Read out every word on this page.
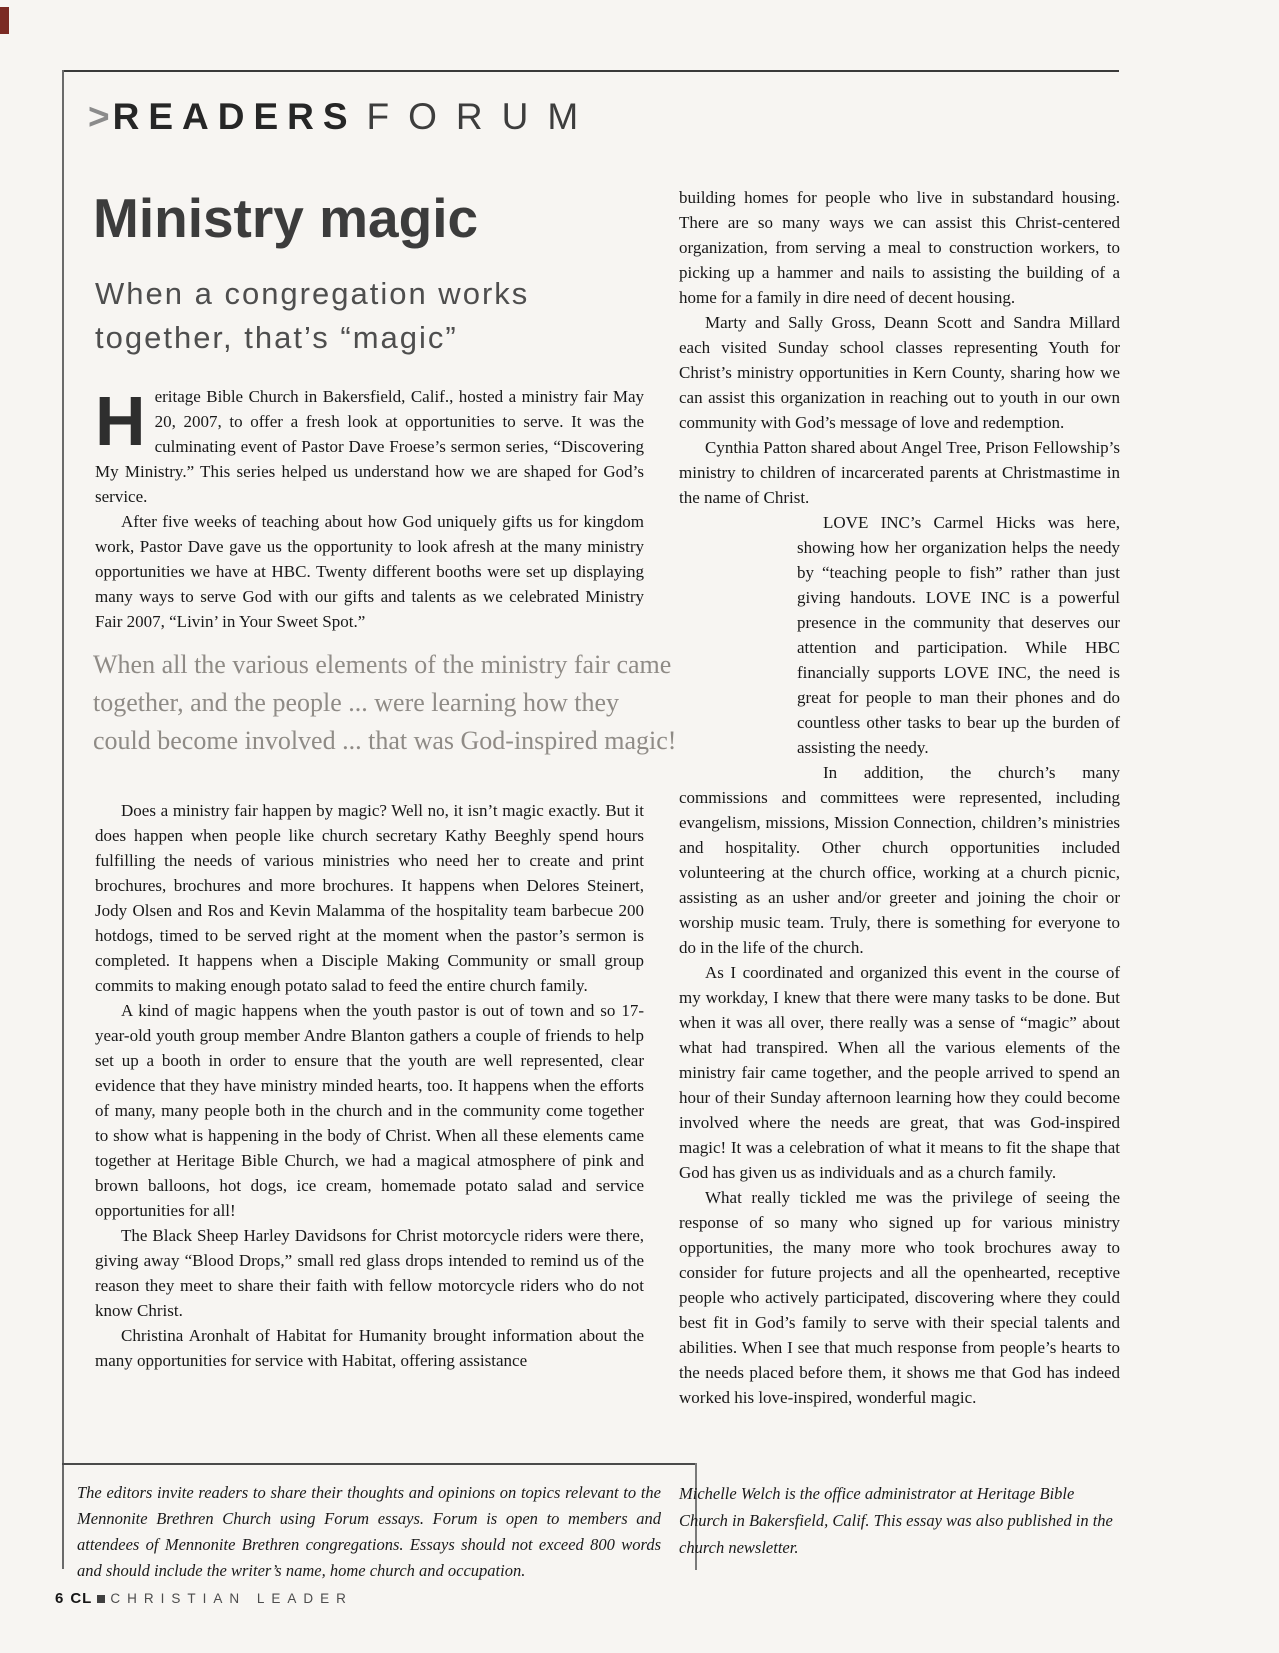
>READERS FORUM
Ministry magic
When a congregation works
together, that’s “magic”

Heritage Bible Church in Bakersfield, Calif., hosted a ministry fair May 20, 2007, to offer a fresh look at opportunities to serve. It was the culminating event of Pastor Dave Froese’s sermon series, “Discovering My Ministry.” This series helped us understand how we are shaped for God’s service.

After five weeks of teaching about how God uniquely gifts us for kingdom work, Pastor Dave gave us the opportunity to look afresh at the many ministry opportunities we have at HBC. Twenty different booths were set up displaying many ways to serve God with our gifts and talents as we celebrated Ministry Fair 2007, “Livin’ in Your Sweet Spot.”

Does a ministry fair happen by magic? Well no, it isn’t magic exactly. But it does happen when people like church secretary Kathy Beeghly spend hours fulfilling the needs of various ministries who need her to create and print brochures, brochures and more brochures. It happens when Delores Steinert, Jody Olsen and Ros and Kevin Malamma of the hospitality team barbecue 200 hotdogs, timed to be served right at the moment when the pastor’s sermon is completed. It happens when a Disciple Making Community or small group commits to making enough potato salad to feed the entire church family.

A kind of magic happens when the youth pastor is out of town and so 17-year-old youth group member Andre Blanton gathers a couple of friends to help set up a booth in order to ensure that the youth are well represented, clear evidence that they have ministry minded hearts, too. It happens when the efforts of many, many people both in the church and in the community come together to show what is happening in the body of Christ. When all these elements came together at Heritage Bible Church, we had a magical atmosphere of pink and brown balloons, hot dogs, ice cream, homemade potato salad and service opportunities for all!

The Black Sheep Harley Davidsons for Christ motorcycle riders were there, giving away “Blood Drops,” small red glass drops intended to remind us of the reason they meet to share their faith with fellow motorcycle riders who do not know Christ.

Christina Aronhalt of Habitat for Humanity brought information about the many opportunities for service with Habitat, offering assistance

building homes for people who live in substandard housing. There are so many ways we can assist this Christ-centered organization, from serving a meal to construction workers, to picking up a hammer and nails to assisting the building of a home for a family in dire need of decent housing.

Marty and Sally Gross, Deann Scott and Sandra Millard each visited Sunday school classes representing Youth for Christ’s ministry opportunities in Kern County, sharing how we can assist this organization in reaching out to youth in our own community with God’s message of love and redemption.

Cynthia Patton shared about Angel Tree, Prison Fellowship’s ministry to children of incarcerated parents at Christmastime in the name of Christ.

LOVE INC’s Carmel Hicks was here, showing how her organization helps the needy by “teaching people to fish” rather than just giving handouts. LOVE INC is a powerful presence in the community that deserves our attention and participation. While HBC financially supports LOVE INC, the need is great for people to man their phones and do countless other tasks to bear up the burden of assisting the needy.

In addition, the church’s many commissions and committees were represented, including evangelism, missions, Mission Connection, children’s ministries and hospitality. Other church opportunities included volunteering at the church office, working at a church picnic, assisting as an usher and/or greeter and joining the choir or worship music team. Truly, there is something for everyone to do in the life of the church.

As I coordinated and organized this event in the course of my workday, I knew that there were many tasks to be done. But when it was all over, there really was a sense of “magic” about what had transpired. When all the various elements of the ministry fair came together, and the people arrived to spend an hour of their Sunday afternoon learning how they could become involved where the needs are great, that was God-inspired magic! It was a celebration of what it means to fit the shape that God has given us as individuals and as a church family.

What really tickled me was the privilege of seeing the response of so many who signed up for various ministry opportunities, the many more who took brochures away to consider for future projects and all the openhearted, receptive people who actively participated, discovering where they could best fit in God’s family to serve with their special talents and abilities. When I see that much response from people’s hearts to the needs placed before them, it shows me that God has indeed worked his love-inspired, wonderful magic.

When all the various elements of the ministry fair came
together, and the people ... were learning how they
could become involved ... that was God-inspired magic!
The editors invite readers to share their thoughts and opinions on topics relevant to the Mennonite Brethren Church using Forum essays. Forum is open to members and attendees of Mennonite Brethren congregations. Essays should not exceed 800 words and should include the writer’s name, home church and occupation.
Michelle Welch is the office administrator at Heritage Bible Church in Bakersfield, Calif. This essay was also published in the church newsletter.
6 CL CHRISTIAN LEADER
